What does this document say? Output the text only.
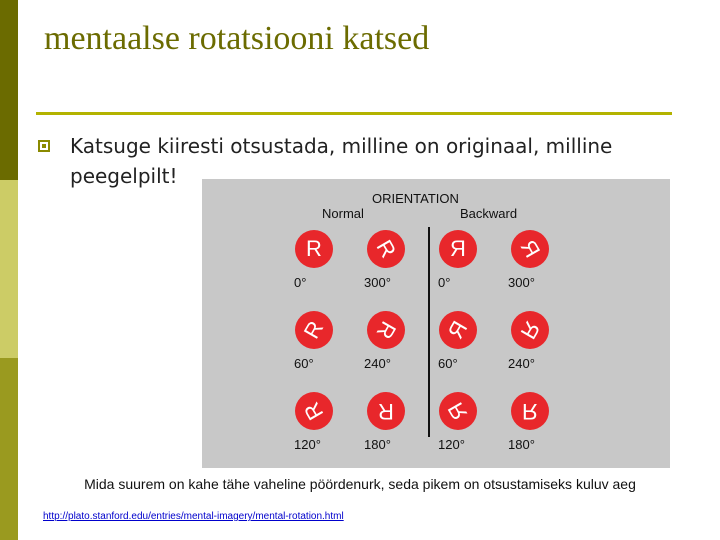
mentaalse rotatsiooni katsed
Katsuge kiiresti otsustada, milline on originaal, milline peegelpilt!
ORIENTATION
Normal	Backward
R
0°
R
300°
R
0°
R
300°
R
60°
R
240°
R
60°
R
240°
R
120°
R
180°
R
120°
R
180°
Mida suurem on kahe tähe vaheline pöördenurk, seda pikem on otsustamiseks kuluv aeg
http://plato.stanford.edu/entries/mental-imagery/mental-rotation.html
